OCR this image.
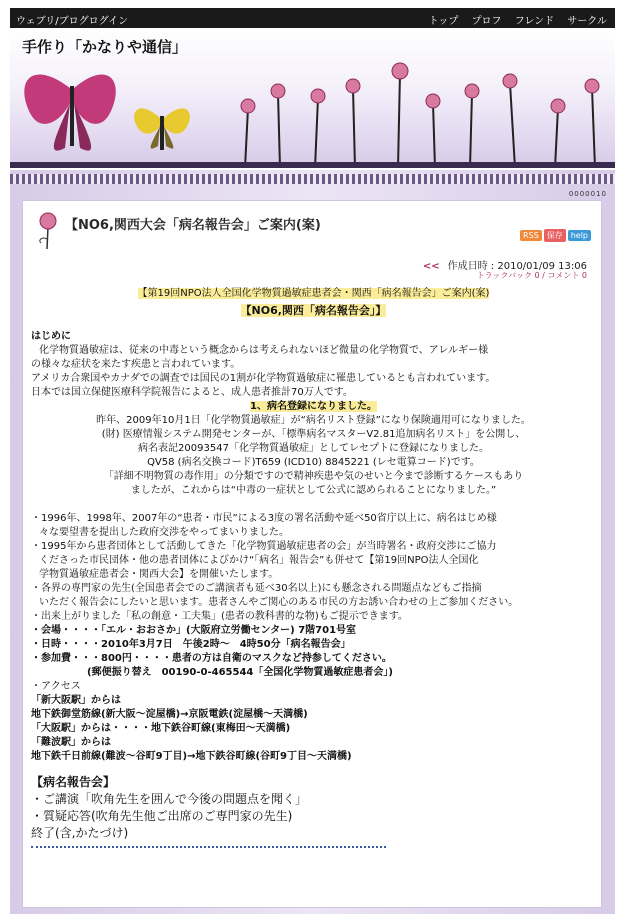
ウェブリ/ブログログイン	トップ プロフ フレンド サークル
手作り「かなりや通信」
0000010
【NO6,関西大会「病名報告会」ご案内(案)
RSS 保存 help
<< 作成日時 : 2010/01/09 13:06
トラックバック 0 / コメント 0
【第19回NPO法人全国化学物質過敏症患者会・関西「病名報告会」ご案内(案)
【NO6,関西「病名報告会」】
はじめに
化学物質過敏症は、従来の中毒という概念からは考えられないほど微量の化学物質で、アレルギー様
の様々な症状を来たす疾患と言われています。
アメリカ合衆国やカナダでの調査では国民の1割が化学物質過敏症に罹患しているとも言われています。
日本では国立保健医療科学院報告によると、成人患者推計70万人です。
1、病名登録になりました。
昨年、2009年10月1日「化学物質過敏症」が“病名リスト登録”になり保険適用可になりました。
(財) 医療情報システム開発センターが、「標準病名マスターV2.81追加病名リスト」を公開し、
病名表記20093547「化学物質過敏症」としてレセプトに登録になりました。
QV58 (病名交換コード)T659 (ICD10) 8845221 (レセ電算コード)です。
「詳細不明物質の毒作用」の分類ですので精神疾患や気のせいと今まで診断するケースもあり
ましたが、これからは“中毒の一症状として公式に認められることになりました。”
・1996年、1998年、2007年の“患者・市民”による3度の署名活動や延べ50省庁以上に、病名はじめ様
々な要望書を提出した政府交渉をやってまいりました。
・1995年から患者団体として活動してきた「化学物質過敏症患者の会」が当時署名・政府交渉にご協力
くださった市民団体・他の患者団体によびかけ“「病名」報告会”も併せて【第19回NPO法人全国化
学物質過敏症患者会・関西大会】を開催いたします。
・各界の専門家の先生(全国患者会でのご講演者も延べ30名以上)にも懸念される問題点などもご指摘
いただく報告会にしたいと思います。患者さんやご関心のある市民の方お誘い合わせの上ご参加ください。
・出来上がりました「私の創意・工夫集」(患者の教科書的な物)もご提示できます。
・会場・・・・「エル・おおさか」(大阪府立労働センター) 7階701号室
・日時・・・・2010年3月7日　午後2時〜　4時50分「病名報告会」
・参加費・・・800円・・・・患者の方は自衛のマスクなど持参してください。
(郵便振り替え　00190-0-465544「全国化学物質過敏症患者会」)
・アクセス
「新大阪駅」からは
地下鉄御堂筋線(新大阪〜淀屋橋)→京阪電鉄(淀屋橋〜天満橋)
「大阪駅」からは・・・・地下鉄谷町線(東梅田〜天満橋)
「難波駅」からは
地下鉄千日前線(難波〜谷町9丁目)→地下鉄谷町線(谷町9丁目〜天満橋)
【病名報告会】
・ご講演「吹角先生を囲んで今後の問題点を聞く」
・質疑応答(吹角先生他ご出席のご専門家の先生)
終了(含,かたづけ)
